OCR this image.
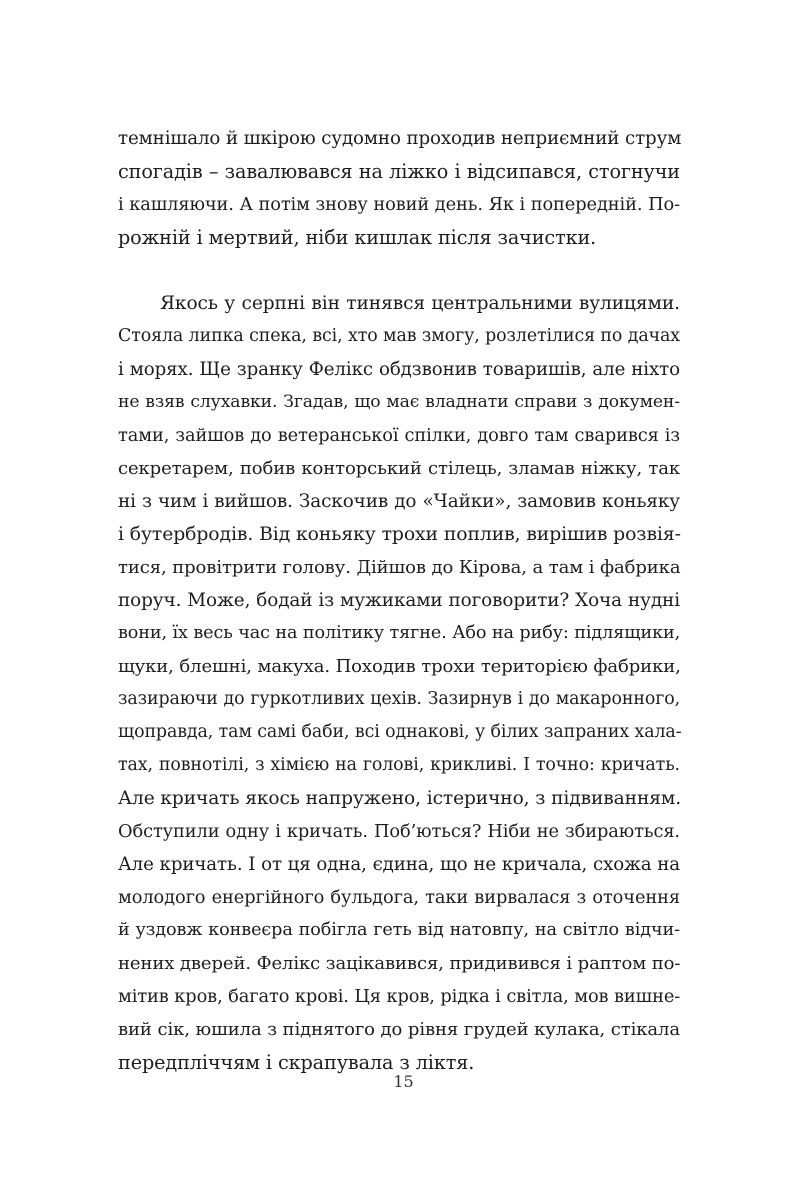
темнішало й шкірою судомно проходив неприємний струм
спогадів – завалювався на ліжко і відсипався, стогнучи
і кашляючи. А потім знову новий день. Як і попередній. По-
рожній і мертвий, ніби кишлак після зачистки.
Якось у серпні він тинявся центральними вулицями.
Стояла липка спека, всі, хто мав змогу, розлетілися по дачах
і морях. Ще зранку Фелікс обдзвонив товаришів, але ніхто
не взяв слухавки. Згадав, що має владнати справи з докумен-
тами, зайшов до ветеранської спілки, довго там сварився із
секретарем, побив конторський стілець, зламав ніжку, так
ні з чим і вийшов. Заскочив до «Чайки», замовив коньяку
і бутербродів. Від коньяку трохи поплив, вирішив розвія-
тися, провітрити голову. Дійшов до Кірова, а там і фабрика
поруч. Може, бодай із мужиками поговорити? Хоча нудні
вони, їх весь час на політику тягне. Або на рибу: підлящики,
щуки, блешні, макуха. Походив трохи територією фабрики,
зазираючи до гуркотливих цехів. Зазирнув і до макаронного,
щоправда, там самі баби, всі однакові, у білих запраних хала-
тах, повнотілі, з хімією на голові, крикливі. І точно: кричать.
Але кричать якось напружено, істерично, з підвиванням.
Обступили одну і кричать. Поб’ються? Ніби не збираються.
Але кричать. І от ця одна, єдина, що не кричала, схожа на
молодого енергійного бульдога, таки вирвалася з оточення
й уздовж конвеєра побігла геть від натовпу, на світло відчи-
нених дверей. Фелікс зацікавився, придивився і раптом по-
мітив кров, багато крові. Ця кров, рідка і світла, мов вишне-
вий сік, юшила з піднятого до рівня грудей кулака, стікала
передпліччям і скрапувала з ліктя.
15
